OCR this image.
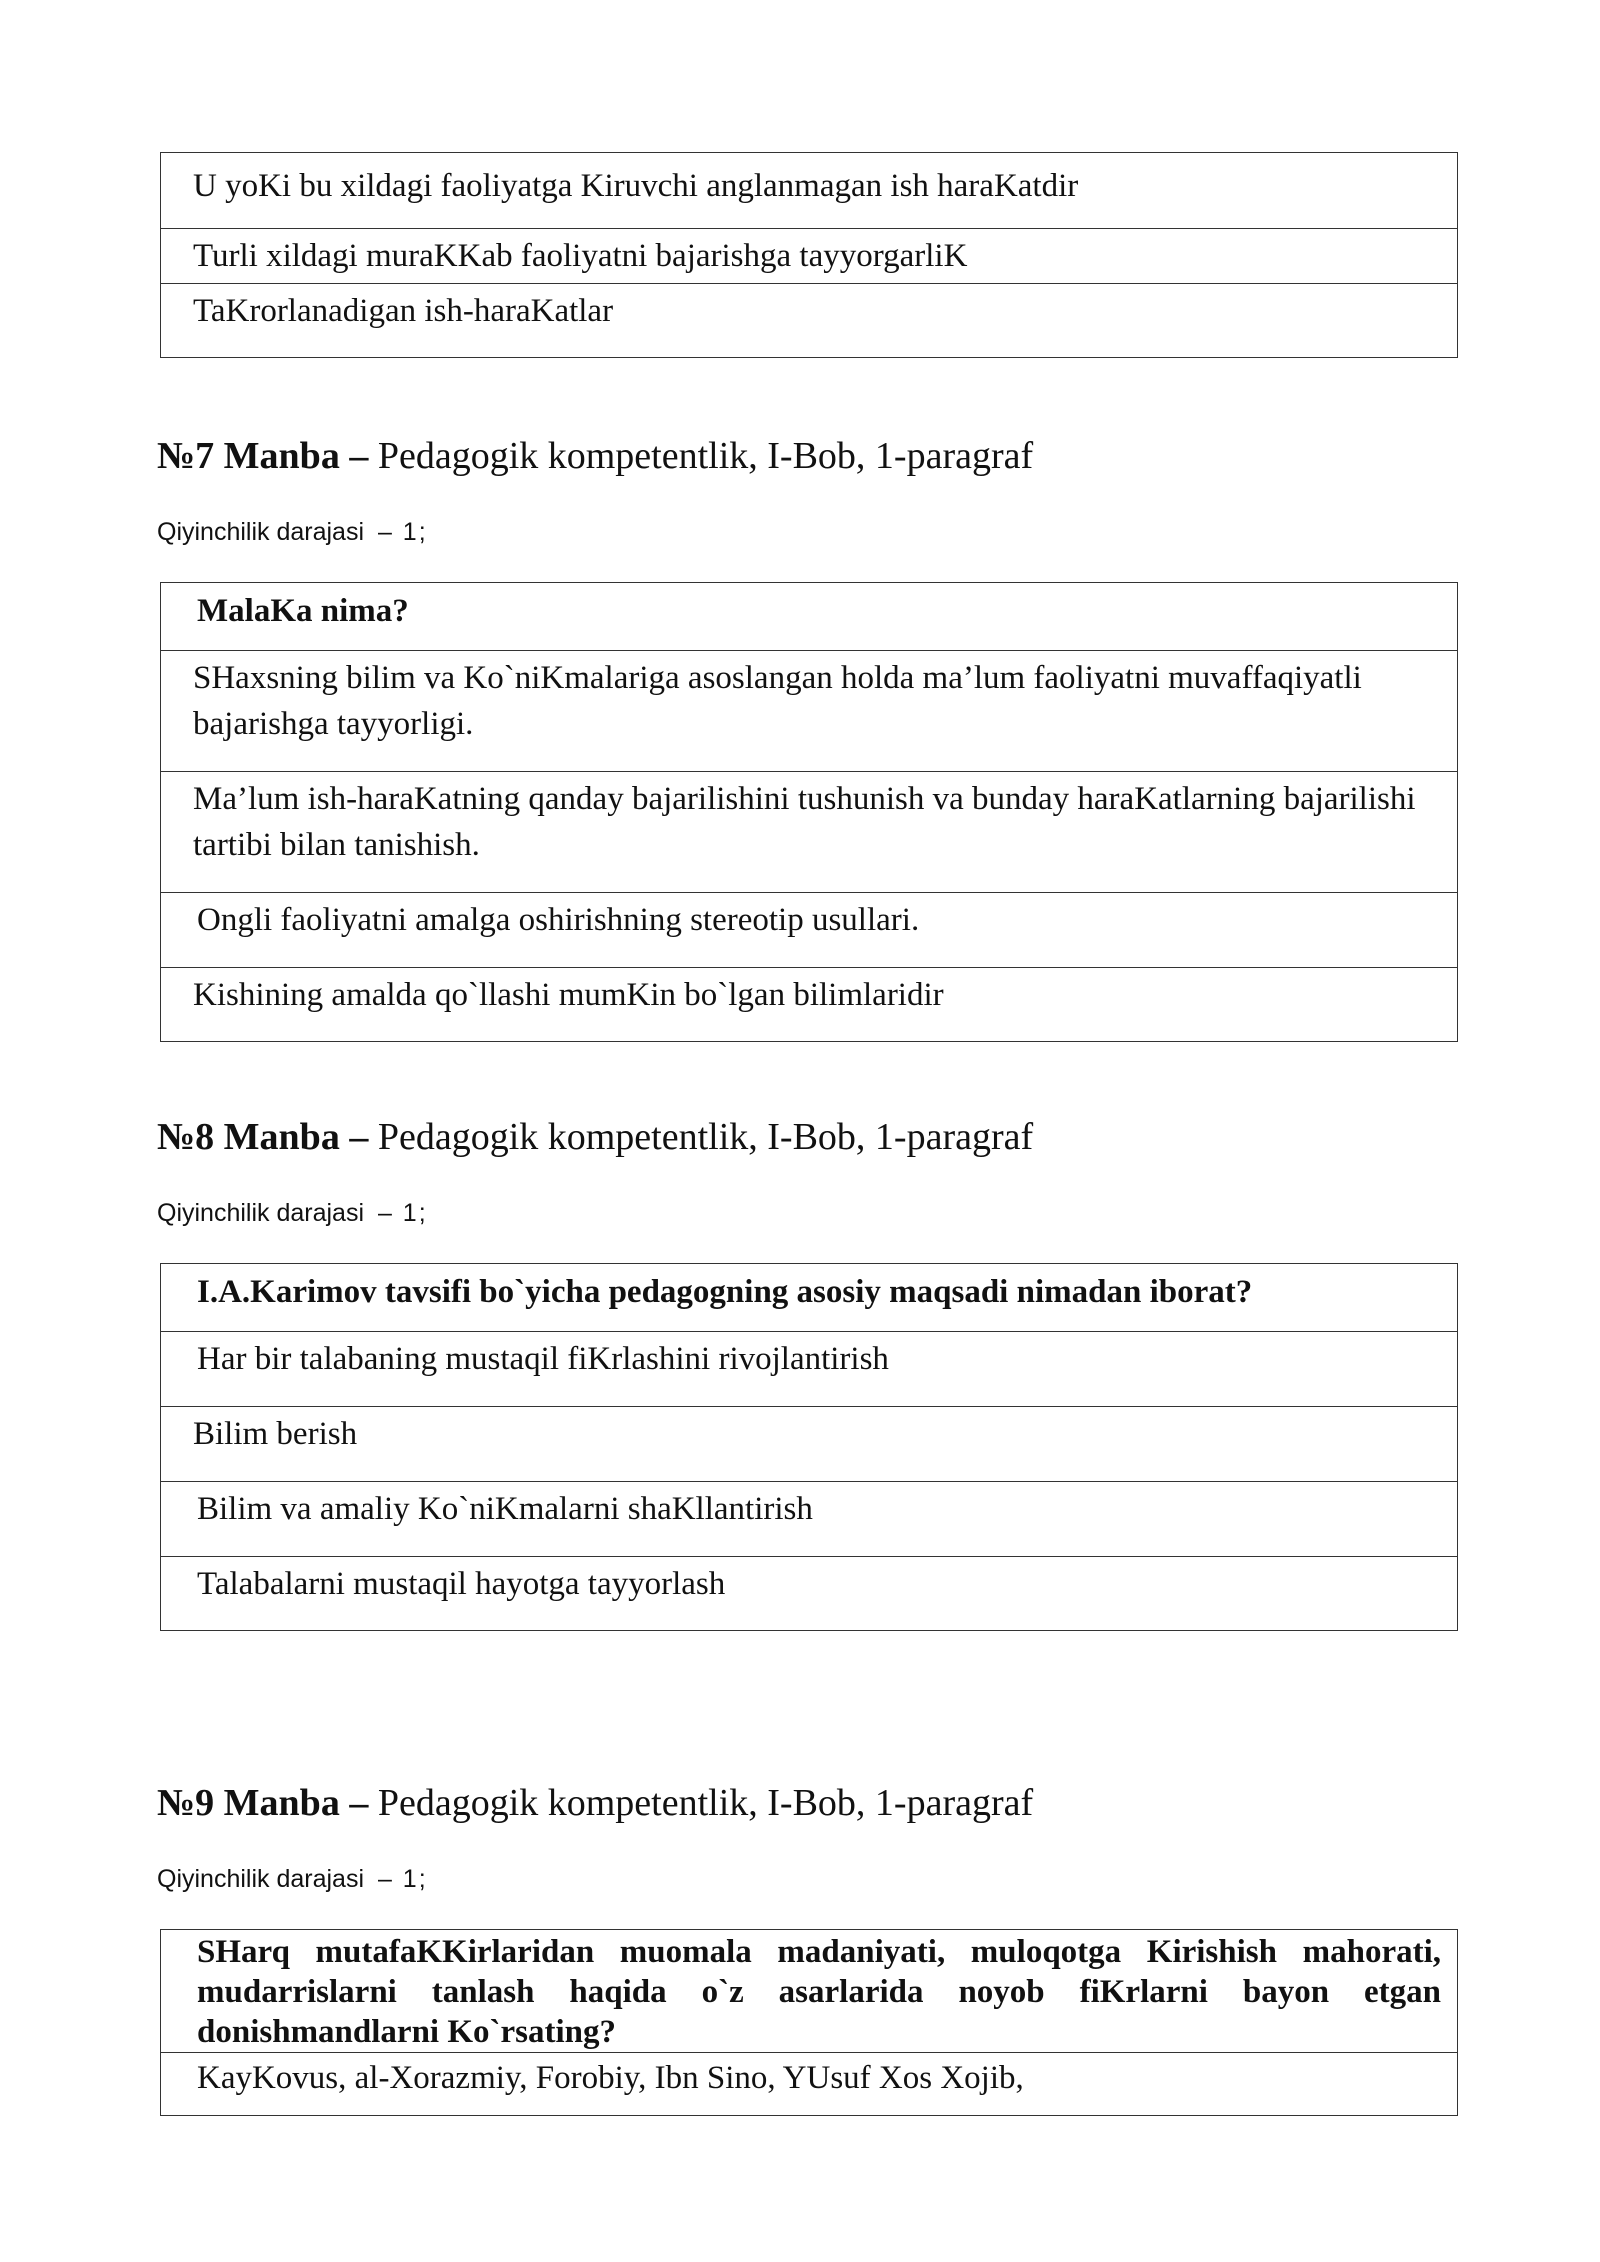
U yoKi bu xildagi faoliyatga Kiruvchi anglanmagan ish haraKatdir
Turli xildagi muraKKab faoliyatni bajarishga tayyorgarliK
TaKrorlanadigan ish-haraKatlar
№7 Manba – Pedagogik kompetentlik, I-Bob, 1-paragraf
Qiyinchilik darajasi – 1;
MalaKa nima?
SHaxsning bilim va Ko`niKmalariga asoslangan holda ma’lum faoliyatni muvaffaqiyatli bajarishga tayyorligi.
Ma’lum ish-haraKatning qanday bajarilishini tushunish va bunday haraKatlarning bajarilishi tartibi bilan tanishish.
Ongli faoliyatni amalga oshirishning stereotip usullari.
Kishining amalda qo`llashi mumKin bo`lgan bilimlaridir
№8 Manba – Pedagogik kompetentlik, I-Bob, 1-paragraf
Qiyinchilik darajasi – 1;
I.A.Karimov tavsifi bo`yicha pedagogning asosiy maqsadi nimadan iborat?
Har bir talabaning mustaqil fiKrlashini rivojlantirish
Bilim berish
Bilim va amaliy Ko`niKmalarni shaKllantirish
Talabalarni mustaqil hayotga tayyorlash
№9 Manba – Pedagogik kompetentlik, I-Bob, 1-paragraf
Qiyinchilik darajasi – 1;
SHarq mutafaKKirlaridan muomala madaniyati, muloqotga Kirishish mahorati,
mudarrislarni tanlash haqida o`z asarlarida noyob fiKrlarni bayon etgan
donishmandlarni Ko`rsating?
KayKovus, al-Xorazmiy, Forobiy, Ibn Sino, YUsuf Xos Xojib,
